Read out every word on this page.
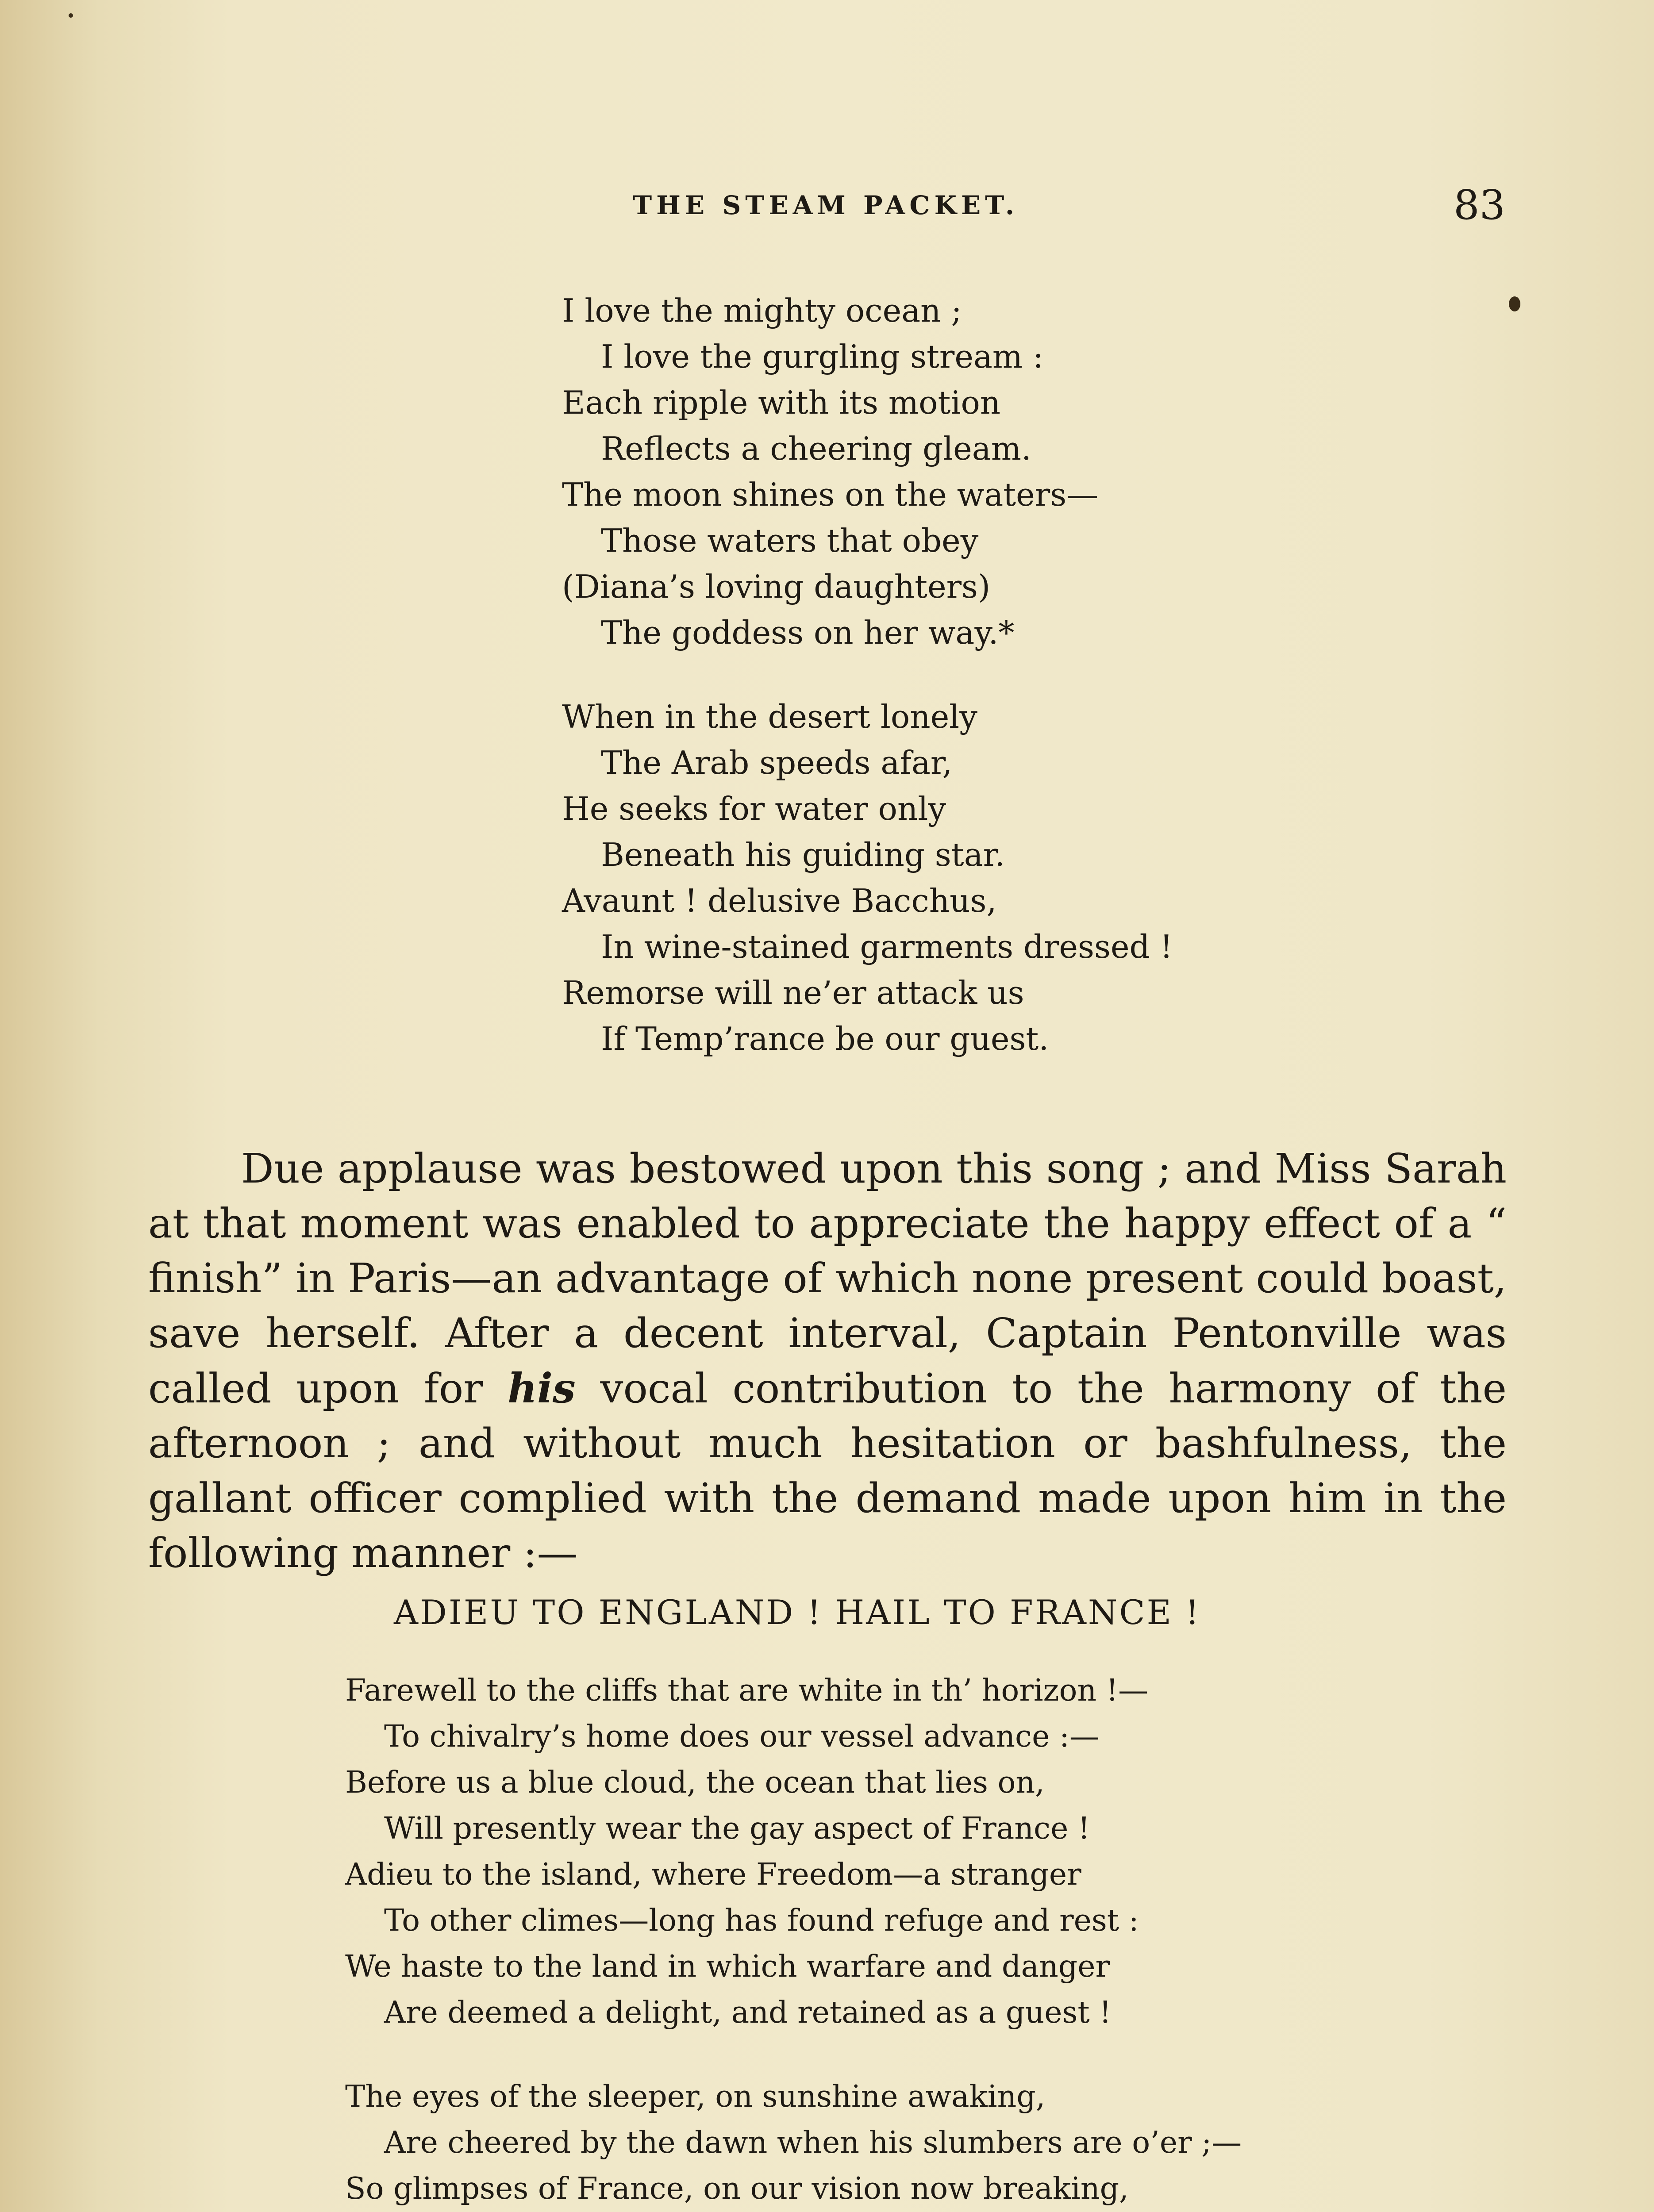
THE STEAM PACKET.	83
I love the mighty ocean ;
I love the gurgling stream :
Each ripple with its motion
Reflects a cheering gleam.
The moon shines on the waters—
Those waters that obey
(Diana’s loving daughters)
The goddess on her way.*
When in the desert lonely
The Arab speeds afar,
He seeks for water only
Beneath his guiding star.
Avaunt ! delusive Bacchus,
In wine-stained garments dressed !
Remorse will ne’er attack us
If Temp’rance be our guest.

Due applause was bestowed upon this song ; and Miss Sarah at that moment was enabled to appreciate the happy effect of a “ finish” in Paris—an advantage of which none present could boast, save herself. After a decent interval, Captain Pentonville was called upon for his vocal contribution to the harmony of the afternoon ; and without much hesitation or bashfulness, the gallant officer complied with the demand made upon him in the following manner :—

ADIEU TO ENGLAND ! HAIL TO FRANCE !
Farewell to the cliffs that are white in th’ horizon !—
To chivalry’s home does our vessel advance :—
Before us a blue cloud, the ocean that lies on,
Will presently wear the gay aspect of France !
Adieu to the island, where Freedom—a stranger
To other climes—long has found refuge and rest :
We haste to the land in which warfare and danger
Are deemed a delight, and retained as a guest !
The eyes of the sleeper, on sunshine awaking,
Are cheered by the dawn when his slumbers are o’er ;—
So glimpses of France, on our vision now breaking,
